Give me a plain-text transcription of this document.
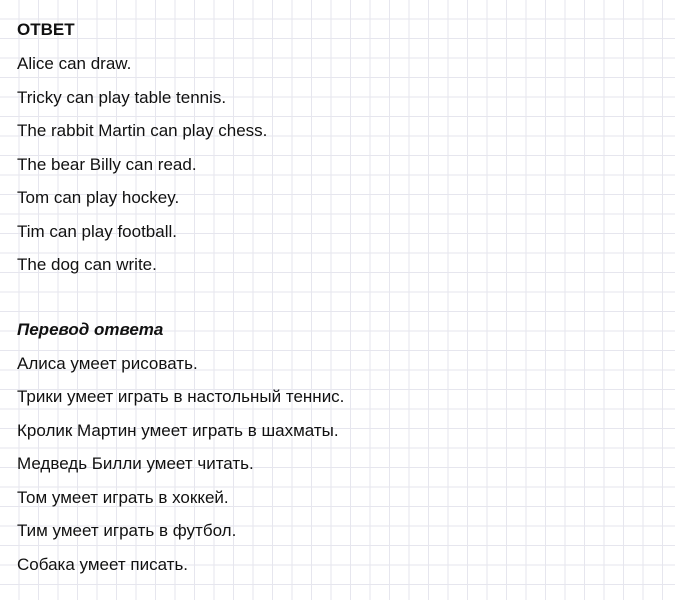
ОТВЕТ
Alice can draw.
Tricky can play table tennis.
The rabbit Martin can play chess.
The bear Billy can read.
Tom can play hockey.
Tim can play football.
The dog can write.
Перевод ответа
Алиса умеет рисовать.
Трики умеет играть в настольный теннис.
Кролик Мартин умеет играть в шахматы.
Медведь Билли умеет читать.
Том умеет играть в хоккей.
Тим умеет играть в футбол.
Собака умеет писать.
